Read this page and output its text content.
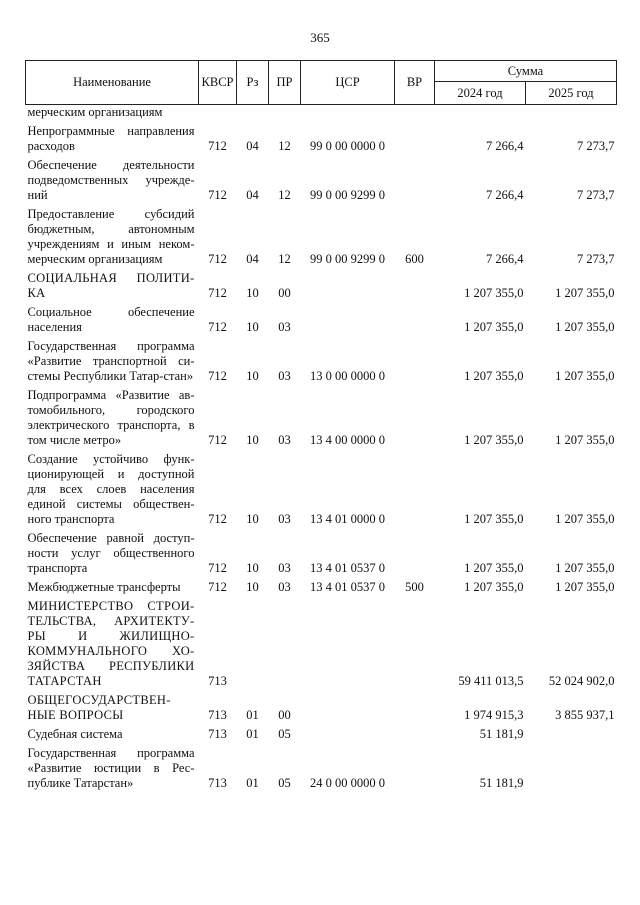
365
Наименование	КВСР	Рз	ПР	ЦСР	ВР	Сумма	
						2024 год	2025 год
мерческим организациям							

Непрограммные направления расходов	712	04	12	99 0 00 0000 0		7 266,4	7 273,7

Обеспечение деятельности подведомственных учрежде-ний	712	04	12	99 0 00 9299 0		7 266,4	7 273,7

Предоставление субсидий бюджетным, автономным учреждениям и иным неком-мерческим организациям	712	04	12	99 0 00 9299 0	600	7 266,4	7 273,7

СОЦИАЛЬНАЯ ПОЛИТИ-КА	712	10	00			1 207 355,0	1 207 355,0

Социальное обеспечение населения	712	10	03			1 207 355,0	1 207 355,0

Государственная программа «Развитие транспортной си-стемы Республики Татар-стан»	712	10	03	13 0 00 0000 0		1 207 355,0	1 207 355,0

Подпрограмма «Развитие ав-томобильного, городского электрического транспорта, в том числе метро»	712	10	03	13 4 00 0000 0		1 207 355,0	1 207 355,0

Создание устойчиво функ-ционирующей и доступной для всех слоев населения единой системы обществен-ного транспорта	712	10	03	13 4 01 0000 0		1 207 355,0	1 207 355,0

Обеспечение равной доступ-ности услуг общественного транспорта	712	10	03	13 4 01 0537 0		1 207 355,0	1 207 355,0

Межбюджетные трансферты	712	10	03	13 4 01 0537 0	500	1 207 355,0	1 207 355,0

МИНИСТЕРСТВО СТРОИ-ТЕЛЬСТВА, АРХИТЕКТУ-РЫ И ЖИЛИЩНО-КОММУНАЛЬНОГО ХО-ЗЯЙСТВА РЕСПУБЛИКИ ТАТАРСТАН	713					59 411 013,5	52 024 902,0

ОБЩЕГОСУДАРСТВЕН-НЫЕ ВОПРОСЫ	713	01	00			1 974 915,3	3 855 937,1

Судебная система	713	01	05			51 181,9	

Государственная программа «Развитие юстиции в Рес-публике Татарстан»	713	01	05	24 0 00 0000 0		51 181,9	
